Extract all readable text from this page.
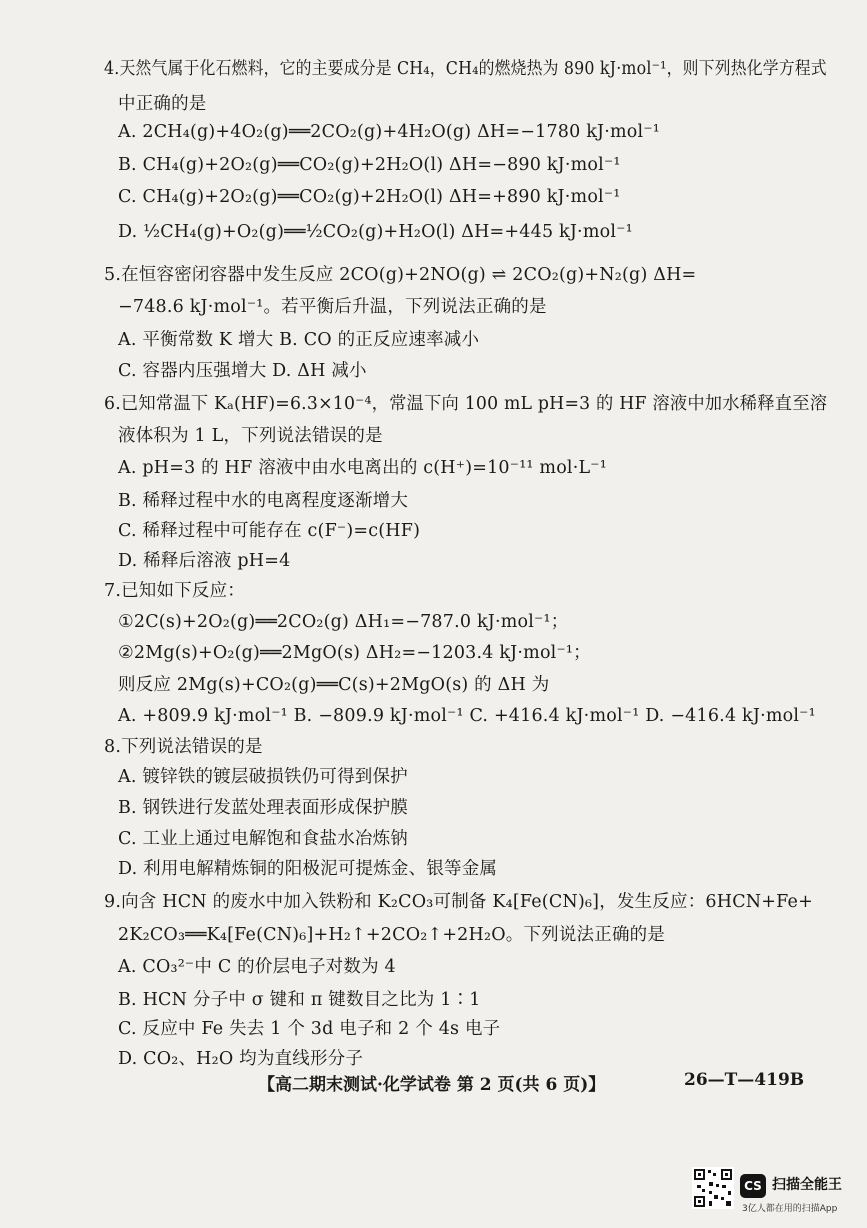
4.天然气属于化石燃料，它的主要成分是 CH₄，CH₄的燃烧热为 890 kJ·mol⁻¹，则下列热化学方程式
中正确的是
A. 2CH₄(g)+4O₂(g)══2CO₂(g)+4H₂O(g) ΔH=−1780 kJ·mol⁻¹
B. CH₄(g)+2O₂(g)══CO₂(g)+2H₂O(l) ΔH=−890 kJ·mol⁻¹
C. CH₄(g)+2O₂(g)══CO₂(g)+2H₂O(l) ΔH=+890 kJ·mol⁻¹
D. ½CH₄(g)+O₂(g)══½CO₂(g)+H₂O(l) ΔH=+445 kJ·mol⁻¹
5.在恒容密闭容器中发生反应 2CO(g)+2NO(g) ⇌ 2CO₂(g)+N₂(g) ΔH=
−748.6 kJ·mol⁻¹。若平衡后升温，下列说法正确的是
A. 平衡常数 K 增大 B. CO 的正反应速率减小
C. 容器内压强增大 D. ΔH 减小
6.已知常温下 Kₐ(HF)=6.3×10⁻⁴，常温下向 100 mL pH=3 的 HF 溶液中加水稀释直至溶
液体积为 1 L，下列说法错误的是
A. pH=3 的 HF 溶液中由水电离出的 c(H⁺)=10⁻¹¹ mol·L⁻¹
B. 稀释过程中水的电离程度逐渐增大
C. 稀释过程中可能存在 c(F⁻)=c(HF)
D. 稀释后溶液 pH=4
7.已知如下反应：
①2C(s)+2O₂(g)══2CO₂(g) ΔH₁=−787.0 kJ·mol⁻¹；
②2Mg(s)+O₂(g)══2MgO(s) ΔH₂=−1203.4 kJ·mol⁻¹；
则反应 2Mg(s)+CO₂(g)══C(s)+2MgO(s) 的 ΔH 为
A. +809.9 kJ·mol⁻¹ B. −809.9 kJ·mol⁻¹ C. +416.4 kJ·mol⁻¹ D. −416.4 kJ·mol⁻¹
8.下列说法错误的是
A. 镀锌铁的镀层破损铁仍可得到保护
B. 钢铁进行发蓝处理表面形成保护膜
C. 工业上通过电解饱和食盐水冶炼钠
D. 利用电解精炼铜的阳极泥可提炼金、银等金属
9.向含 HCN 的废水中加入铁粉和 K₂CO₃可制备 K₄[Fe(CN)₆]，发生反应：6HCN+Fe+
2K₂CO₃══K₄[Fe(CN)₆]+H₂↑+2CO₂↑+2H₂O。下列说法正确的是
A. CO₃²⁻中 C 的价层电子对数为 4
B. HCN 分子中 σ 键和 π 键数目之比为 1∶1
C. 反应中 Fe 失去 1 个 3d 电子和 2 个 4s 电子
D. CO₂、H₂O 均为直线形分子
【高二期末测试·化学试卷 第 2 页(共 6 页)】	26—T—419B
CS 扫描全能王
3亿人都在用的扫描App
